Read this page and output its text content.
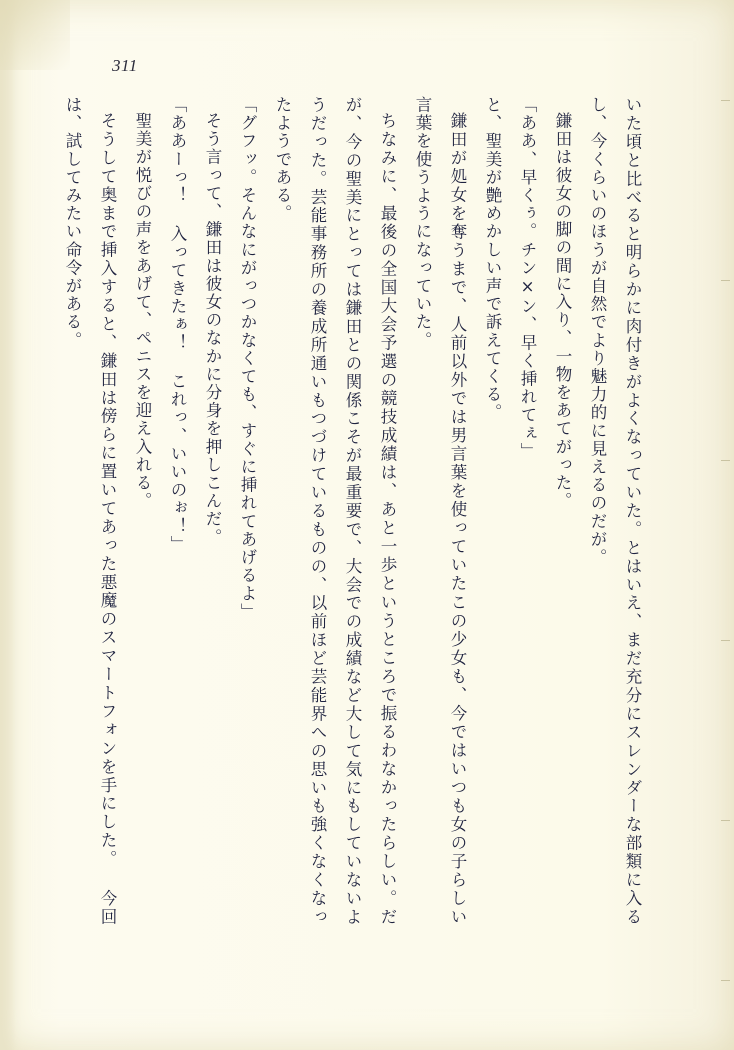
311

いた頃と比べると明らかに肉付きがよくなっていた。とはいえ、まだ充分にスレンダーな部類に入るし、今くらいのほうが自然でより魅力的に見えるのだが。

鎌田は彼女の脚の間に入り、一物をあてがった。

「ああ、早くぅ。チン×ン、早く挿れてぇ」

と、聖美が艶めかしい声で訴えてくる。

鎌田が処女を奪うまで、人前以外では男言葉を使っていたこの少女も、今ではいつも女の子らしい言葉を使うようになっていた。

ちなみに、最後の全国大会予選の競技成績は、あと一歩というところで振るわなかったらしい。だが、今の聖美にとっては鎌田との関係こそが最重要で、大会での成績など大して気にもしていないようだった。芸能事務所の養成所通いもつづけているものの、以前ほど芸能界への思いも強くなくなったようである。

「グフッ。そんなにがっつかなくても、すぐに挿れてあげるよ」

そう言って、鎌田は彼女のなかに分身を押しこんだ。

「ああーっ！ 入ってきたぁ！ これっ、いいのぉ！」

聖美が悦びの声をあげて、ペニスを迎え入れる。

そうして奥まで挿入すると、鎌田は傍らに置いてあった悪魔のスマートフォンを手にした。 今回は、試してみたい命令がある。
